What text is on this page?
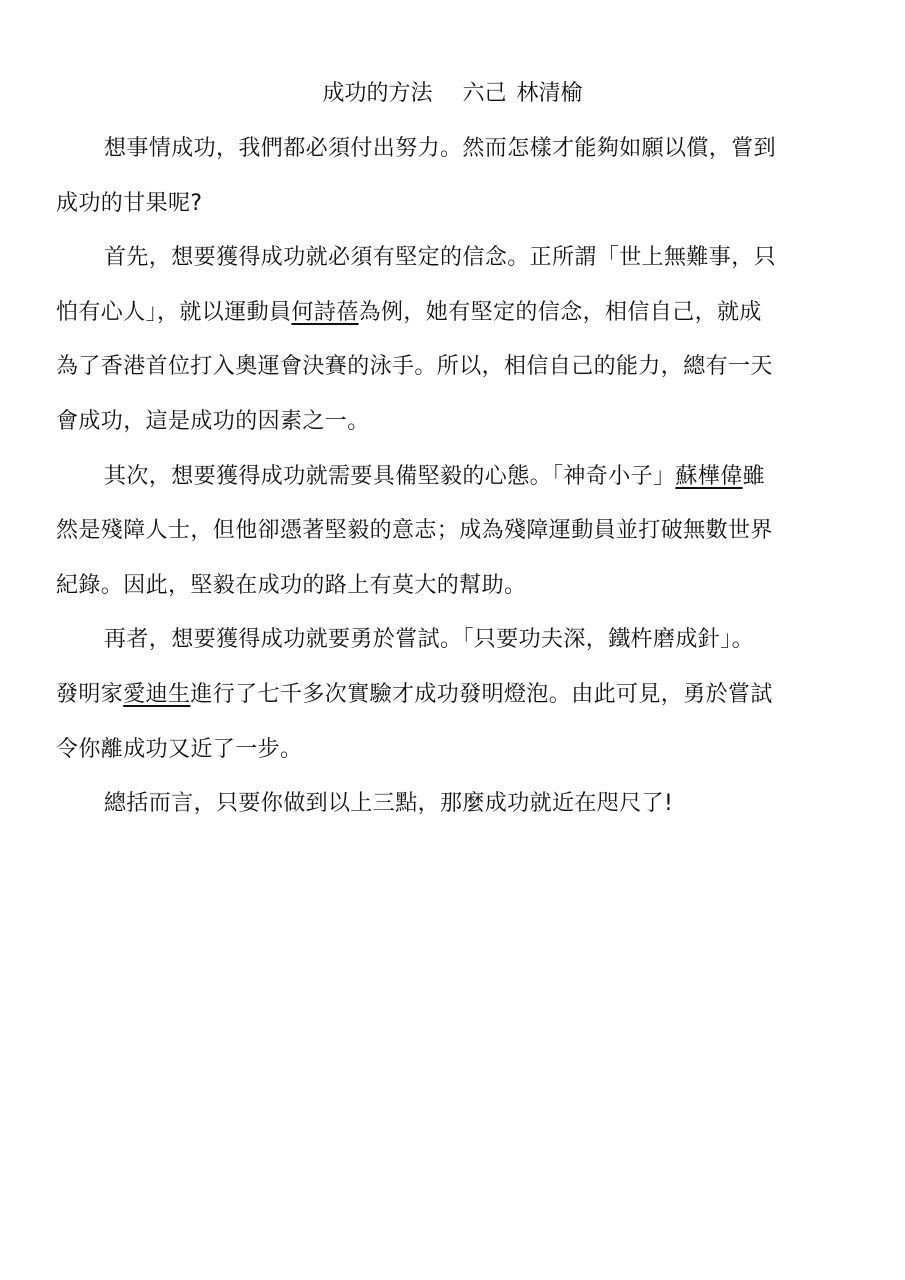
成功的方法 六己 林清榆
想事情成功，我們都必須付出努力。然而怎樣才能夠如願以償，嘗到
成功的甘果呢?
首先，想要獲得成功就必須有堅定的信念。正所謂「世上無難事，只
怕有心人」，就以運動員何詩蓓為例，她有堅定的信念，相信自己，就成
為了香港首位打入奧運會決賽的泳手。所以，相信自己的能力，總有一天
會成功，這是成功的因素之一。
其次，想要獲得成功就需要具備堅毅的心態。「神奇小子」蘇樺偉雖
然是殘障人士，但他卻憑著堅毅的意志；成為殘障運動員並打破無數世界
紀錄。因此，堅毅在成功的路上有莫大的幫助。
再者，想要獲得成功就要勇於嘗試。「只要功夫深，鐵杵磨成針」。
發明家愛迪生進行了七千多次實驗才成功發明燈泡。由此可見，勇於嘗試
令你離成功又近了一步。
總括而言，只要你做到以上三點，那麼成功就近在咫尺了!
